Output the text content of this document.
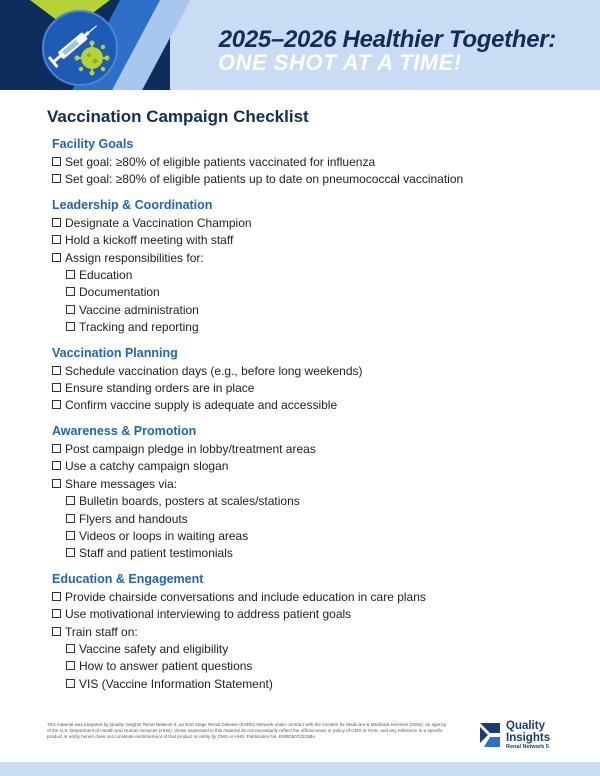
2025–2026 Healthier Together:
ONE SHOT AT A TIME!
Vaccination Campaign Checklist
Facility Goals
Set goal: ≥80% of eligible patients vaccinated for influenza
Set goal: ≥80% of eligible patients up to date on pneumococcal vaccination
Leadership & Coordination
Designate a Vaccination Champion
Hold a kickoff meeting with staff
Assign responsibilities for:
Education
Documentation
Vaccine administration
Tracking and reporting
Vaccination Planning
Schedule vaccination days (e.g., before long weekends)
Ensure standing orders are in place
Confirm vaccine supply is adequate and accessible
Awareness & Promotion
Post campaign pledge in lobby/treatment areas
Use a catchy campaign slogan
Share messages via:
Bulletin boards, posters at scales/stations
Flyers and handouts
Videos or loops in waiting areas
Staff and patient testimonials
Education & Engagement
Provide chairside conversations and include education in care plans
Use motivational interviewing to address patient goals
Train staff on:
Vaccine safety and eligibility
How to answer patient questions
VIS (Vaccine Information Statement)
This material was prepared by Quality Insights Renal Network 5, an End Stage Renal Disease (ESRD) Network under contract with the Centers for Medicare & Medicaid Services (CMS), an agency of the U.S. Department of Health and Human Services (HHS). Views expressed in this material do not necessarily reflect the official views or policy of CMS or HHS, and any reference to a specific product or entity herein does not constitute endorsement of that product or entity by CMS or HHS. Publication No. ESRD5072225Bv.
Quality
Insights
Renal Network 5
